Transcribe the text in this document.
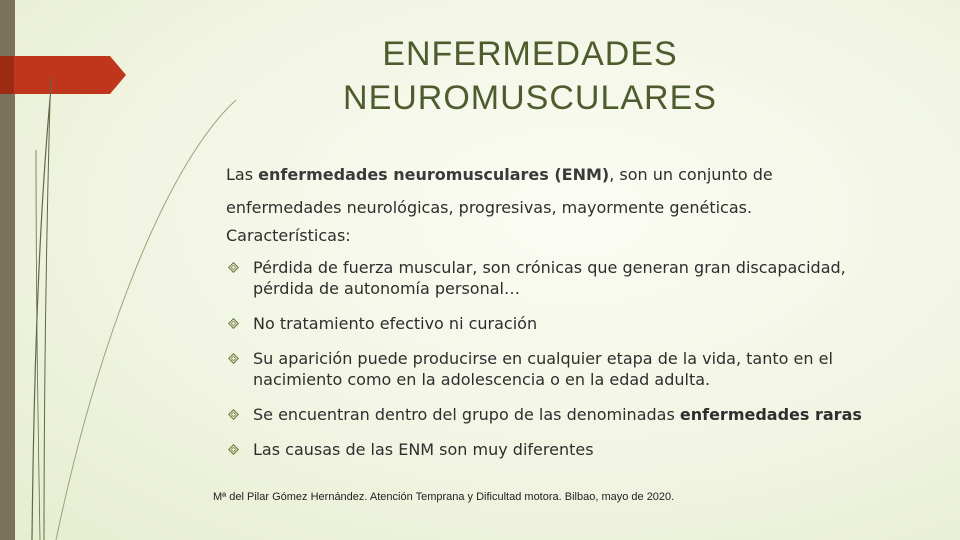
ENFERMEDADES
NEUROMUSCULARES
Las enfermedades neuromusculares (ENM), son un conjunto de enfermedades neurológicas, progresivas, mayormente genéticas.
Características:
Pérdida de fuerza muscular, son crónicas que generan gran discapacidad, pérdida de autonomía personal…
No tratamiento efectivo ni curación
Su aparición puede producirse en cualquier etapa de la vida, tanto en el nacimiento como en la adolescencia o en la edad adulta.
Se encuentran dentro del grupo de las denominadas enfermedades raras
Las causas de las ENM son muy diferentes
Mª del Pilar Gómez Hernández. Atención Temprana y Dificultad motora. Bilbao, mayo de 2020.
